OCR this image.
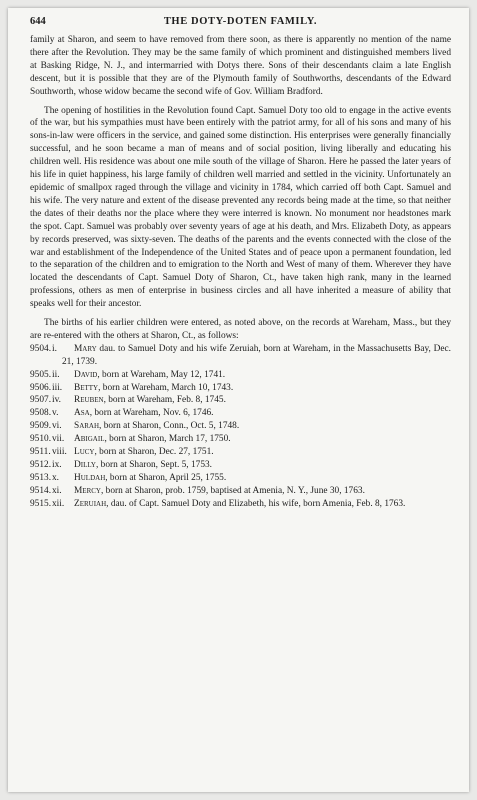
644	THE DOTY-DOTEN FAMILY.

family at Sharon, and seem to have removed from there soon, as there is apparently no mention of the name there after the Revolution. They may be the same family of which prominent and distinguished members lived at Basking Ridge, N. J., and intermarried with Dotys there. Sons of their descendants claim a late English descent, but it is possible that they are of the Plymouth family of Southworths, descendants of the Edward Southworth, whose widow became the second wife of Gov. William Bradford.

The opening of hostilities in the Revolution found Capt. Samuel Doty too old to engage in the active events of the war, but his sympathies must have been entirely with the patriot army, for all of his sons and many of his sons-in-law were officers in the service, and gained some distinction. His enterprises were generally financially successful, and he soon became a man of means and of social position, living liberally and educating his children well. His residence was about one mile south of the village of Sharon. Here he passed the later years of his life in quiet happiness, his large family of children well married and settled in the vicinity. Unfortunately an epidemic of smallpox raged through the village and vicinity in 1784, which carried off both Capt. Samuel and his wife. The very nature and extent of the disease prevented any records being made at the time, so that neither the dates of their deaths nor the place where they were interred is known. No monument nor headstones mark the spot. Capt. Samuel was probably over seventy years of age at his death, and Mrs. Elizabeth Doty, as appears by records preserved, was sixty-seven. The deaths of the parents and the events connected with the close of the war and establishment of the Independence of the United States and of peace upon a permanent foundation, led to the separation of the children and to emigration to the North and West of many of them. Wherever they have located the descendants of Capt. Samuel Doty of Sharon, Ct., have taken high rank, many in the learned professions, others as men of enterprise in business circles and all have inherited a measure of ability that speaks well for their ancestor.

The births of his earlier children were entered, as noted above, on the records at Wareham, Mass., but they are re-entered with the others at Sharon, Ct., as follows:

9504.i. Mary dau. to Samuel Doty and his wife Zeruiah, born at Wareham, in the Massachusetts Bay, Dec. 21, 1739.

9505.ii. David, born at Wareham, May 12, 1741.

9506.iii. Betty, born at Wareham, March 10, 1743.

9507.iv. Reuben, born at Wareham, Feb. 8, 1745.

9508.v. Asa, born at Wareham, Nov. 6, 1746.

9509.vi. Sarah, born at Sharon, Conn., Oct. 5, 1748.

9510.vii. Abigail, born at Sharon, March 17, 1750.

9511.viii. Lucy, born at Sharon, Dec. 27, 1751.

9512.ix. Dilly, born at Sharon, Sept. 5, 1753.

9513.x. Huldah, born at Sharon, April 25, 1755.

9514.xi. Mercy, born at Sharon, prob. 1759, baptised at Amenia, N. Y., June 30, 1763.

9515.xii. Zeruiah, dau. of Capt. Samuel Doty and Elizabeth, his wife, born Amenia, Feb. 8, 1763.
